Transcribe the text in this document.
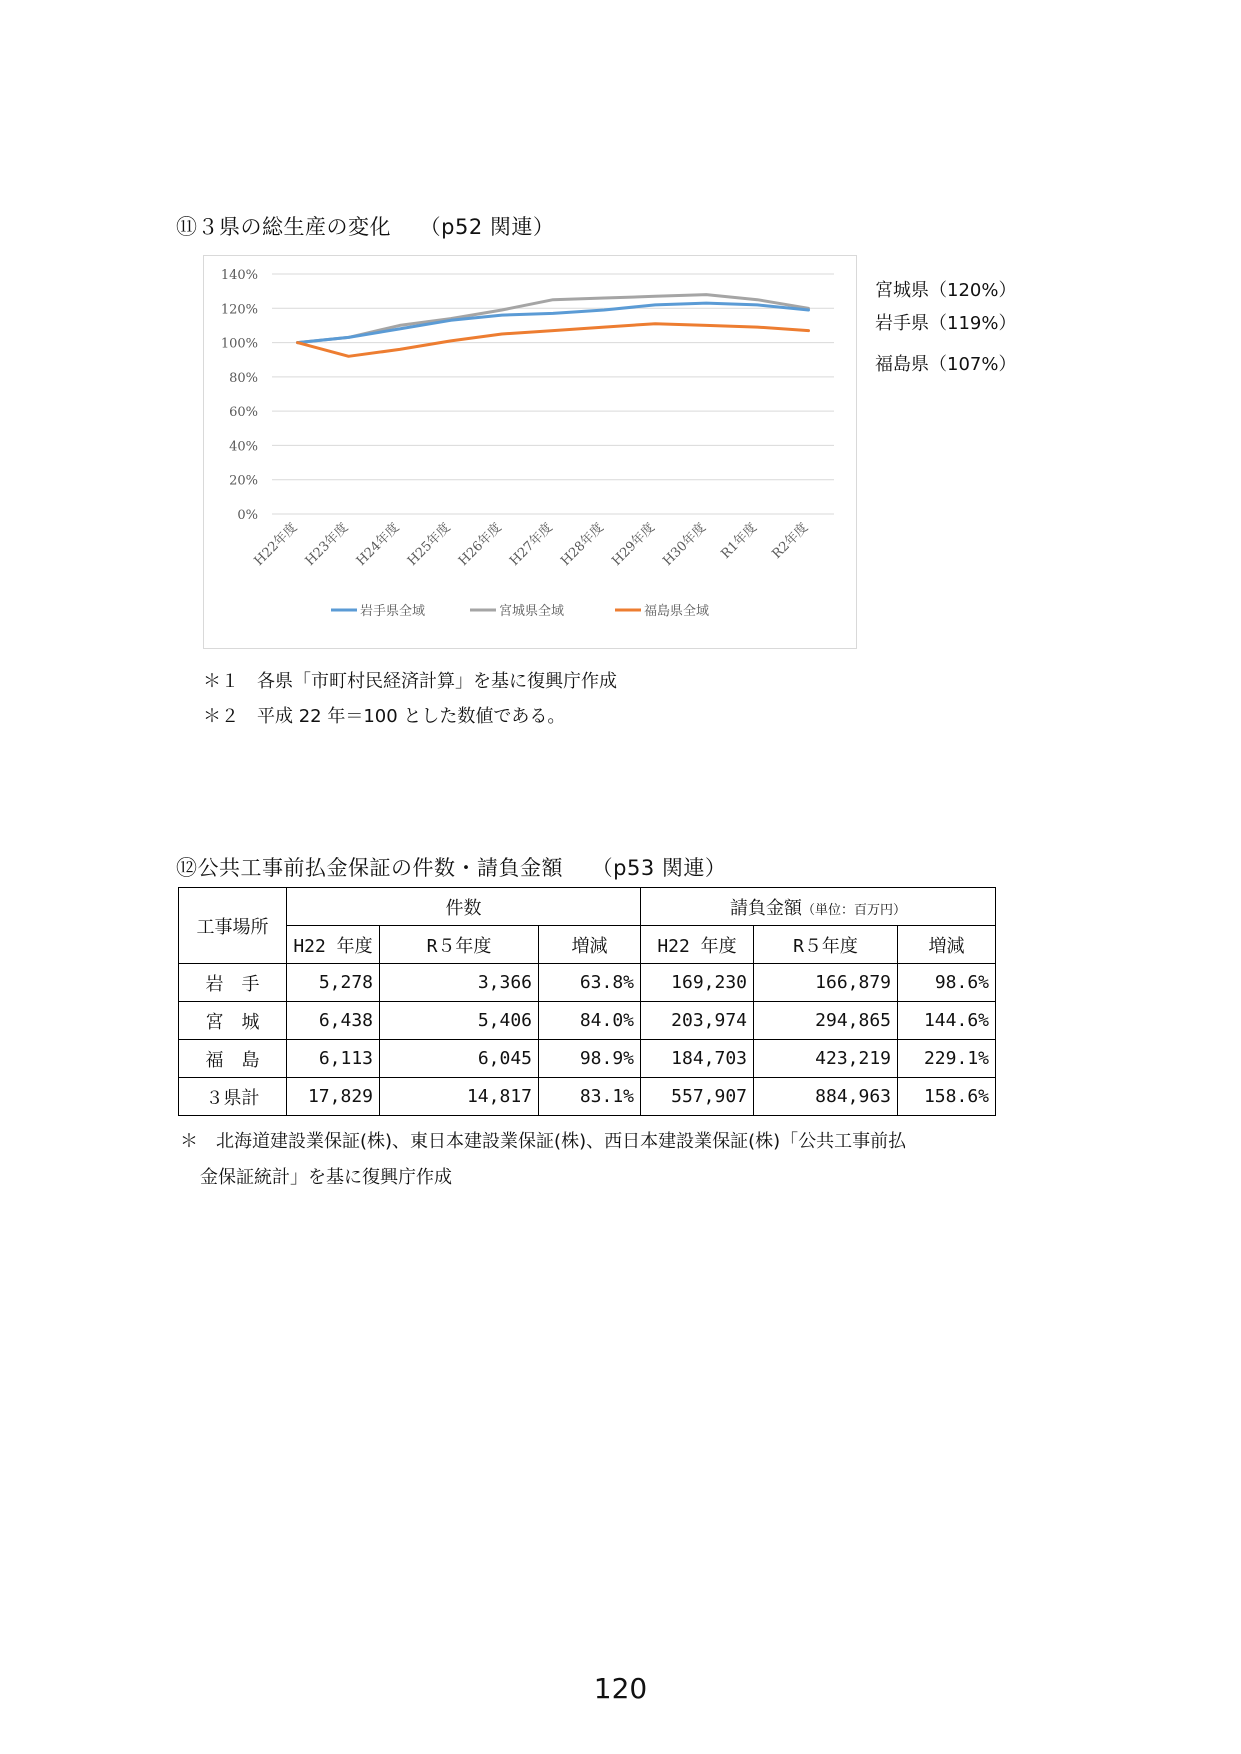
⑪３県の総生産の変化　 （p52 関連）
0%
20%
40%
60%
80%
100%
120%
140%
H22年度 H23年度 H24年度 H25年度 H26年度 H27年度 H28年度 H29年度 H30年度 R1年度 R2年度
岩手県全域	宮城県全域	福島県全域
宮城県（120%）
岩手県（119%）
福島県（107%）
＊１　各県「市町村民経済計算」を基に復興庁作成
＊２　平成 22 年＝100 とした数値である。
⑫公共工事前払金保証の件数・請負金額　 （p53 関連）
工事場所	件数			請負金額（単位：百万円）		
	H22 年度	R５年度	増減	H22 年度	R５年度	増減
岩　手	5,278	3,366	63.8%	169,230	166,879	98.6%
宮　城	6,438	5,406	84.0%	203,974	294,865	144.6%
福　島	6,113	6,045	98.9%	184,703	423,219	229.1%
３県計	17,829	14,817	83.1%	557,907	884,963	158.6%
＊　北海道建設業保証(株)、東日本建設業保証(株)、西日本建設業保証(株)「公共工事前払
金保証統計」を基に復興庁作成
120
